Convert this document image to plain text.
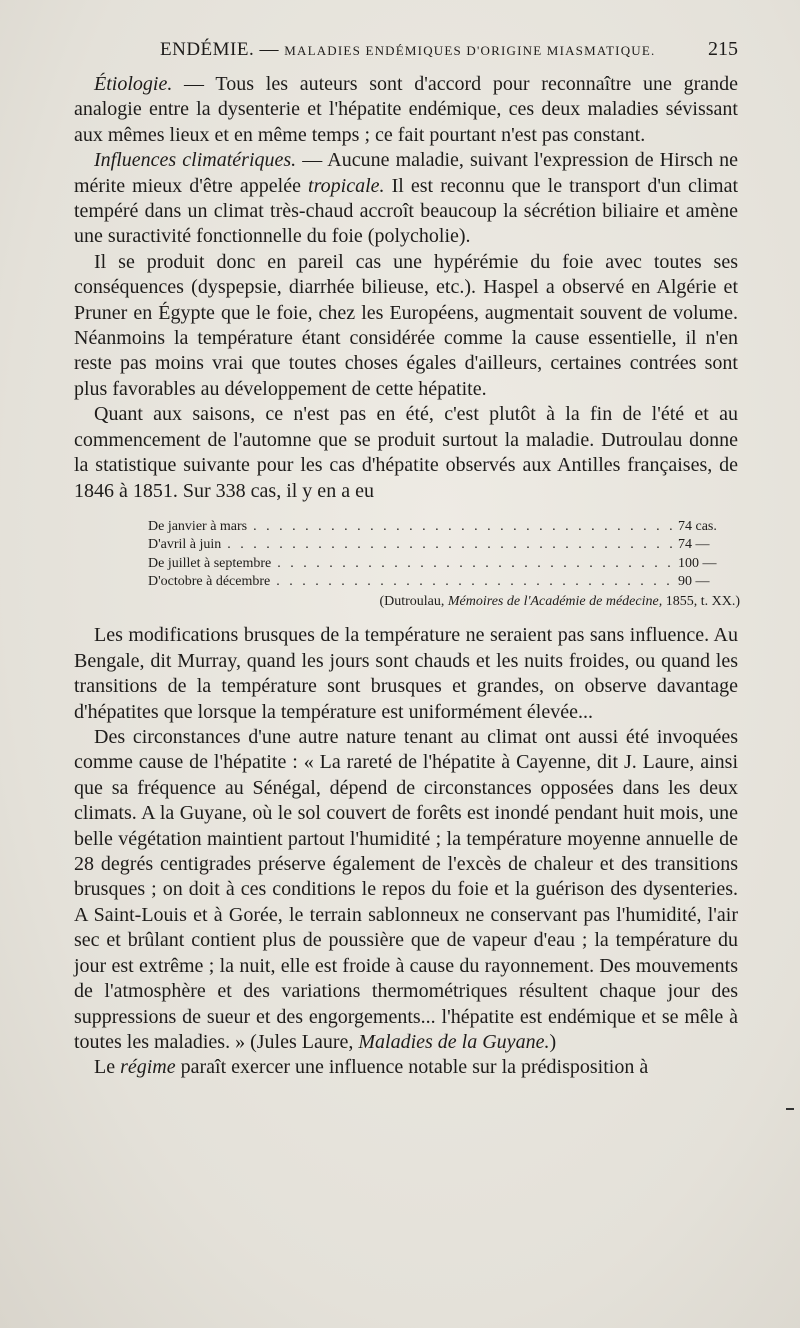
ENDÉMIE. — MALADIES ENDÉMIQUES D'ORIGINE MIASMATIQUE.	215

Étiologie. — Tous les auteurs sont d'accord pour reconnaître une grande analogie entre la dysenterie et l'hépatite endémique, ces deux maladies sévissant aux mêmes lieux et en même temps ; ce fait pourtant n'est pas constant.

Influences climatériques. — Aucune maladie, suivant l'expression de Hirsch ne mérite mieux d'être appelée tropicale. Il est reconnu que le transport d'un climat tempéré dans un climat très-chaud accroît beaucoup la sécrétion biliaire et amène une suractivité fonctionnelle du foie (polycholie).

Il se produit donc en pareil cas une hypérémie du foie avec toutes ses conséquences (dyspepsie, diarrhée bilieuse, etc.). Haspel a observé en Algérie et Pruner en Égypte que le foie, chez les Européens, augmentait souvent de volume. Néanmoins la température étant considérée comme la cause essentielle, il n'en reste pas moins vrai que toutes choses égales d'ailleurs, certaines contrées sont plus favorables au développement de cette hépatite.

Quant aux saisons, ce n'est pas en été, c'est plutôt à la fin de l'été et au commencement de l'automne que se produit surtout la maladie. Dutroulau donne la statistique suivante pour les cas d'hépatite observés aux Antilles françaises, de 1846 à 1851. Sur 338 cas, il y en a eu

De janvier à mars . . .	74 cas.
D'avril à juin . . .	74 —
De juillet à septembre . . .	100 —
D'octobre à décembre . . .	90 —
(Dutroulau, Mémoires de l'Académie de médecine, 1855, t. XX.)

Les modifications brusques de la température ne seraient pas sans influence. Au Bengale, dit Murray, quand les jours sont chauds et les nuits froides, ou quand les transitions de la température sont brusques et grandes, on observe davantage d'hépatites que lorsque la température est uniformément élevée...

Des circonstances d'une autre nature tenant au climat ont aussi été invoquées comme cause de l'hépatite : « La rareté de l'hépatite à Cayenne, dit J. Laure, ainsi que sa fréquence au Sénégal, dépend de circonstances opposées dans les deux climats. A la Guyane, où le sol couvert de forêts est inondé pendant huit mois, une belle végétation maintient partout l'humidité ; la température moyenne annuelle de 28 degrés centigrades préserve également de l'excès de chaleur et des transitions brusques ; on doit à ces conditions le repos du foie et la guérison des dysenteries. A Saint-Louis et à Gorée, le terrain sablonneux ne conservant pas l'humidité, l'air sec et brûlant contient plus de poussière que de vapeur d'eau ; la température du jour est extrême ; la nuit, elle est froide à cause du rayonnement. Des mouvements de l'atmosphère et des variations thermométriques résultent chaque jour des suppressions de sueur et des engorgements... l'hépatite est endémique et se mêle à toutes les maladies. » (Jules Laure, Maladies de la Guyane.)

Le régime paraît exercer une influence notable sur la prédisposition à
